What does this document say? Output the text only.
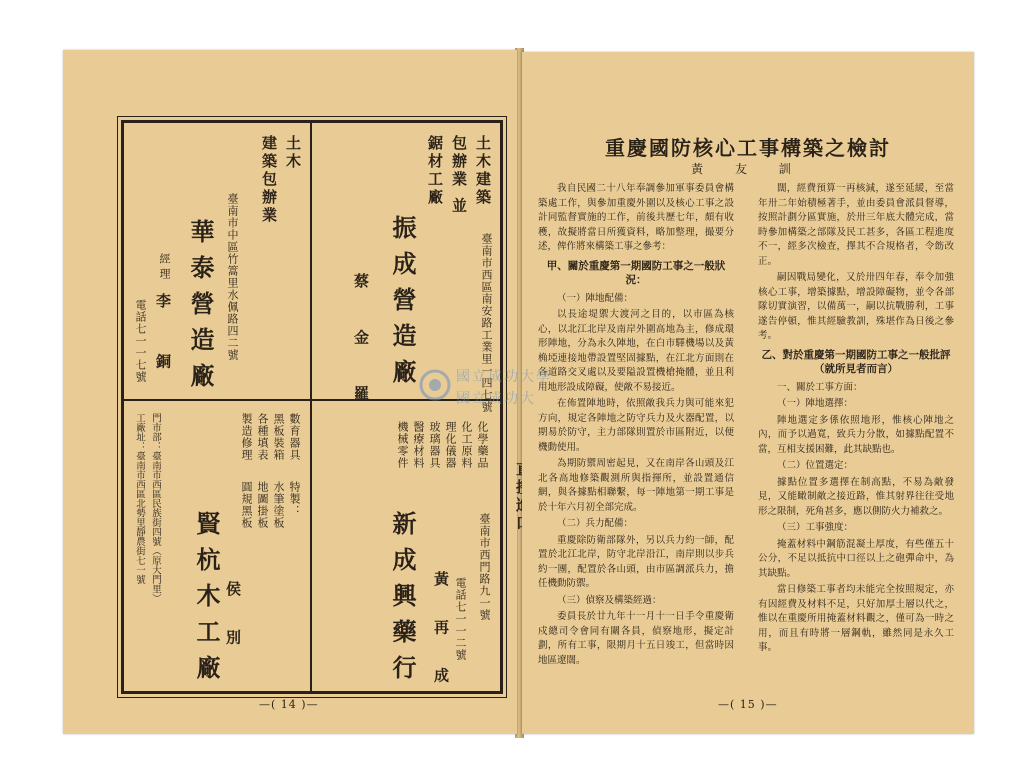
土木建築
包辦業 並
鋸材工廠
臺南市西區南安路工業里一四七號
振成營造廠
蔡 金 羅
土木
建築包辦業
臺南市中區竹篙里水佩路四二號
華泰營造廠
經理
李 銅
電話七一一七號
化學藥品
化工原料
理化儀器
玻璃器具
醫療材料
機械零件
臺南市西門路九一號
新成興藥行 黃 再 成 電話七一一二號
數育器具
黑板裝箱
各種填表
製造修理
特製：
水筆塗板
地圖掛板
圓規黑板
賢杭木工廠 侯 別
門市部：臺南市西區民族街四號（原大門里）
工廠址：臺南市西區北勢里靜農街七一號
—( 14 )—
重慶國防核心工事構築之檢討
黃 友 訓

我自民國二十八年奉調參加軍事委員會構築處工作，與參加重慶外圍以及核心工事之設計同監督實施的工作，前後共歷七年，頗有收穫，故擬將當日所獲資料，略加整理，撮要分述，俾作將來構築工事之參考：

甲、關於重慶第一期國防工事之一般狀況：

（一）陣地配備：

以長途堤禦大渡河之目的，以市區為核心，以北江北岸及南岸外圍高地為主，修成環形陣地，分為永久陣地，在白市驛機場以及黃桷埡連接地帶設置堅固據點，在江北方面則在各道路交叉處以及要隘設置機槍掩體，並且利用地形設成障礙，使敵不易接近。

在佈置陣地時，依照敵我兵力與可能來犯方向，規定各陣地之防守兵力及火器配置，以期易於防守，主力部隊則置於市區附近，以便機動使用。

為期防禦周密起見，又在南岸各山頭及江北各高地修築觀測所與指揮所，並設置通信網，與各據點相聯繫，每一陣地第一期工事是於十年六月初全部完成。

（二）兵力配備：

重慶除防衛部隊外，另以兵力約一師，配置於北江北岸，防守北岸沿江，南岸則以步兵約一團，配置於各山頭，由市區調派兵力，擔任機動防禦。

（三）偵察及構築經過：

委員長於廿九年十一月十一日手令重慶衛戍總司令會同有關各員，偵察地形，擬定計劃，所有工事，限期月十五日竣工，但當時因地區遼闊。

闊，經費預算一再核減，遂至延緩，至當年卅二年始積極著手，並由委員會派員督導，按照計劃分區實施，於卅三年底大體完成，當時參加構築之部隊及民工甚多，各區工程進度不一，經多次檢查，擇其不合規格者，令飭改正。

嗣因戰局變化，又於卅四年春，奉令加強核心工事，增築據點，增設障礙物，並令各部隊切實演習，以備萬一，嗣以抗戰勝利，工事遂告停頓，惟其經驗教訓，殊堪作為日後之參考。

乙、對於重慶第一期國防工事之一般批評（就所見者而言）

一、關於工事方面：

（一）陣地選擇：

陣地選定多係依照地形，惟核心陣地之內，而予以過寬，致兵力分散，如據點配置不當，互相支援困難，此其缺點也。

（二）位置選定：

據點位置多選擇在制高點，不易為敵發見，又能瞰制敵之接近路，惟其射界往往受地形之限制，死角甚多，應以側防火力補救之。

（三）工事強度：

掩蓋材料中鋼筋混凝土厚度，有些僅五十公分，不足以抵抗中口徑以上之砲彈命中，為其缺點。

當日修築工事者均未能完全按照規定，亦有因經費及材料不足，只好加厚土層以代之，惟以在重慶所用掩蓋材料觀之，僅可為一時之用，而且有時將一層鋼軌，雖然同是永久工事。

—( 15 )—
國立成功大學
國立成功大
